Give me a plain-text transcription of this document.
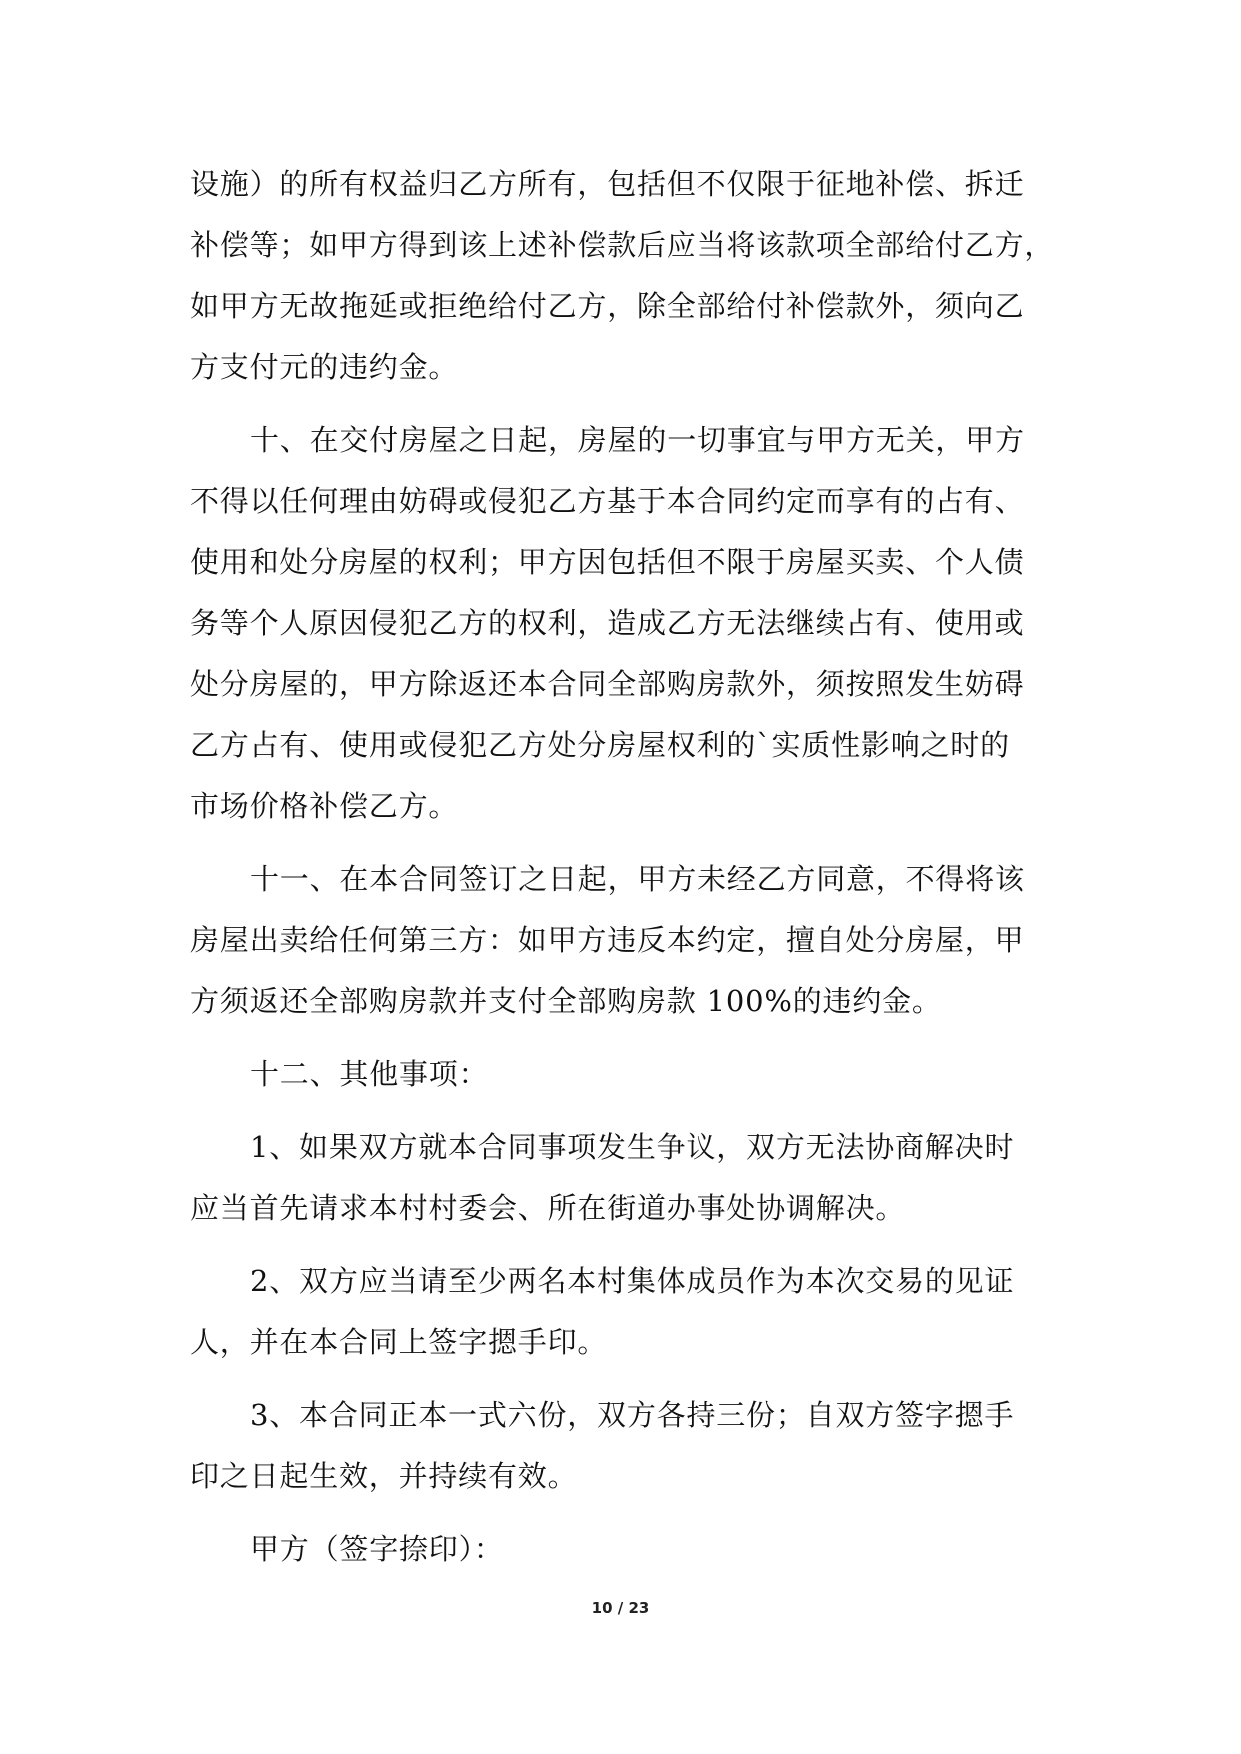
设施）的所有权益归乙方所有，包括但不仅限于征地补偿、拆迁
补偿等；如甲方得到该上述补偿款后应当将该款项全部给付乙方，
如甲方无故拖延或拒绝给付乙方，除全部给付补偿款外，须向乙
方支付元的违约金。
十、在交付房屋之日起，房屋的一切事宜与甲方无关，甲方
不得以任何理由妨碍或侵犯乙方基于本合同约定而享有的占有、
使用和处分房屋的权利；甲方因包括但不限于房屋买卖、个人债
务等个人原因侵犯乙方的权利，造成乙方无法继续占有、使用或
处分房屋的，甲方除返还本合同全部购房款外，须按照发生妨碍
乙方占有、使用或侵犯乙方处分房屋权利的`实质性影响之时的
市场价格补偿乙方。
十一、在本合同签订之日起，甲方未经乙方同意，不得将该
房屋出卖给任何第三方：如甲方违反本约定，擅自处分房屋，甲
方须返还全部购房款并支付全部购房款 100%的违约金。
十二、其他事项：
1、如果双方就本合同事项发生争议，双方无法协商解决时
应当首先请求本村村委会、所在街道办事处协调解决。
2、双方应当请至少两名本村集体成员作为本次交易的见证
人，并在本合同上签字摁手印。
3、本合同正本一式六份，双方各持三份；自双方签字摁手
印之日起生效，并持续有效。
甲方（签字捺印）：
10 / 23
